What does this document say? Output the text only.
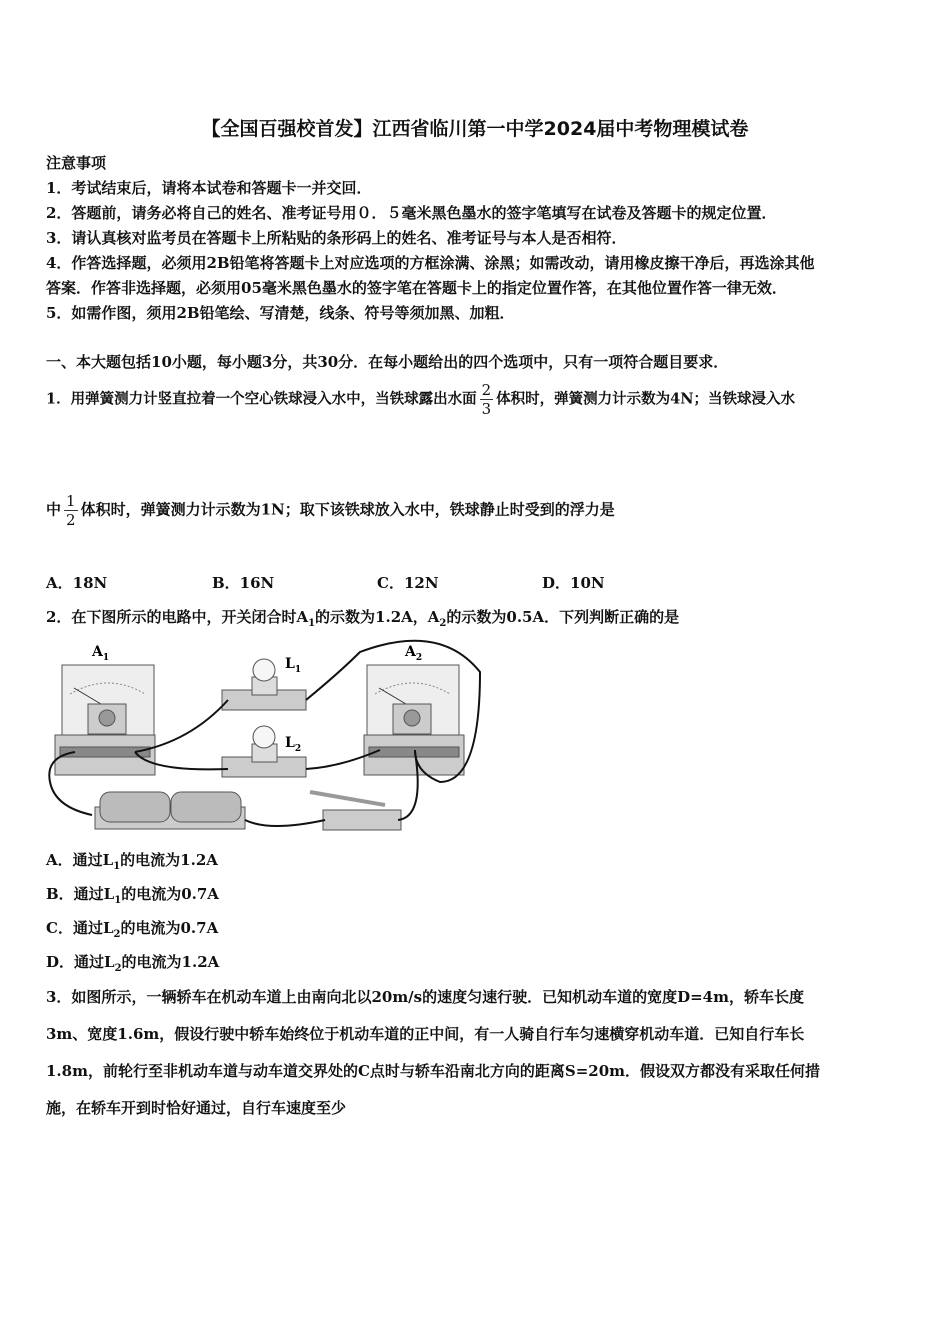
【全国百强校首发】江西省临川第一中学2024届中考物理模试卷
注意事项
1．考试结束后，请将本试卷和答题卡一并交回．
2．答题前，请务必将自己的姓名、准考证号用０．５毫米黑色墨水的签字笔填写在试卷及答题卡的规定位置．
3．请认真核对监考员在答题卡上所粘贴的条形码上的姓名、准考证号与本人是否相符．
4．作答选择题，必须用2B铅笔将答题卡上对应选项的方框涂满、涂黑；如需改动，请用橡皮擦干净后，再选涂其他
答案．作答非选择题，必须用05毫米黑色墨水的签字笔在答题卡上的指定位置作答，在其他位置作答一律无效．
5．如需作图，须用2B铅笔绘、写清楚，线条、符号等须加黑、加粗．
一、本大题包括10小题，每小题3分，共30分．在每小题给出的四个选项中，只有一项符合题目要求．
1．用弹簧测力计竖直拉着一个空心铁球浸入水中，当铁球露出水面 $\frac{2}{3}$ 体积时，弹簧测力计示数为4N；当铁球浸入水
中 $\frac{1}{2}$ 体积时，弹簧测力计示数为1N；取下该铁球放入水中，铁球静止时受到的浮力是
A．18N	B．16N	C．12N	D．10N
2．在下图所示的电路中，开关闭合时$A_1$的示数为1.2A，$A_2$的示数为0.5A．下列判断正确的是
$A_1$	$A_2$
$L_1$
$L_2$
A．通过$L_1$的电流为1.2A
B．通过$L_1$的电流为0.7A
C．通过$L_2$的电流为0.7A
D．通过$L_2$的电流为1.2A
3．如图所示，一辆轿车在机动车道上由南向北以20m/s的速度匀速行驶．已知机动车道的宽度D=4m，轿车长度
3m、宽度1.6m，假设行驶中轿车始终位于机动车道的正中间，有一人骑自行车匀速横穿机动车道．已知自行车长
1.8m，前轮行至非机动车道与动车道交界处的C点时与轿车沿南北方向的距离S=20m．假设双方都没有采取任何措
施，在轿车开到时恰好通过，自行车速度至少
